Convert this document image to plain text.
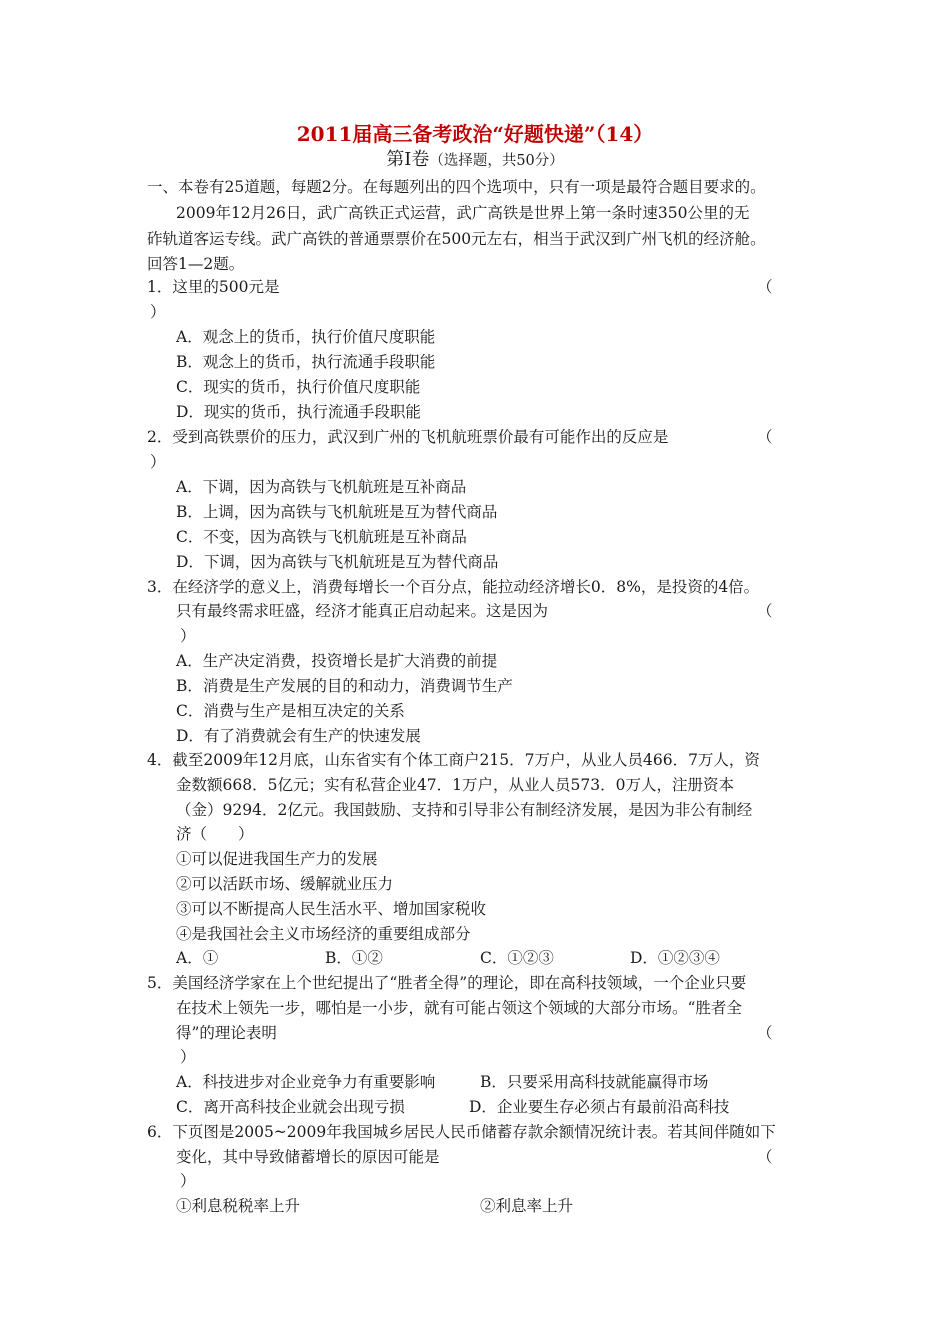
2011届高三备考政治“好题快递”（14）
第Ⅰ卷（选择题，共50分）
一、本卷有25道题，每题2分。在每题列出的四个选项中，只有一项是最符合题目要求的。
2009年12月26日，武广高铁正式运营，武广高铁是世界上第一条时速350公里的无
砟轨道客运专线。武广高铁的普通票票价在500元左右，相当于武汉到广州飞机的经济舱。
回答1—2题。
1．这里的500元是	（
）
A．观念上的货币，执行价值尺度职能
B．观念上的货币，执行流通手段职能
C．现实的货币，执行价值尺度职能
D．现实的货币，执行流通手段职能
2．受到高铁票价的压力，武汉到广州的飞机航班票价最有可能作出的反应是	（
）
A．下调，因为高铁与飞机航班是互补商品
B．上调，因为高铁与飞机航班是互为替代商品
C．不变，因为高铁与飞机航班是互补商品
D．下调，因为高铁与飞机航班是互为替代商品
3．在经济学的意义上，消费每增长一个百分点，能拉动经济增长0．8%，是投资的4倍。
只有最终需求旺盛，经济才能真正启动起来。这是因为	（
）
A．生产决定消费，投资增长是扩大消费的前提
B．消费是生产发展的目的和动力，消费调节生产
C．消费与生产是相互决定的关系
D．有了消费就会有生产的快速发展
4．截至2009年12月底，山东省实有个体工商户215．7万户，从业人员466．7万人，资
金数额668．5亿元；实有私营企业47．1万户，从业人员573．0万人，注册资本
（金）9294．2亿元。我国鼓励、支持和引导非公有制经济发展，是因为非公有制经
济（　　）
①可以促进我国生产力的发展
②可以活跃市场、缓解就业压力
③可以不断提高人民生活水平、增加国家税收
④是我国社会主义市场经济的重要组成部分
A．①	B．①②	C．①②③	D．①②③④
5．美国经济学家在上个世纪提出了“胜者全得”的理论，即在高科技领域，一个企业只要
在技术上领先一步，哪怕是一小步，就有可能占领这个领域的大部分市场。“胜者全
得”的理论表明	（
）
A．科技进步对企业竞争力有重要影响	B．只要采用高科技就能赢得市场
C．离开高科技企业就会出现亏损	D．企业要生存必须占有最前沿高科技
6．下页图是2005~2009年我国城乡居民人民币储蓄存款余额情况统计表。若其间伴随如下
变化，其中导致储蓄增长的原因可能是	（
）
①利息税税率上升	②利息率上升
